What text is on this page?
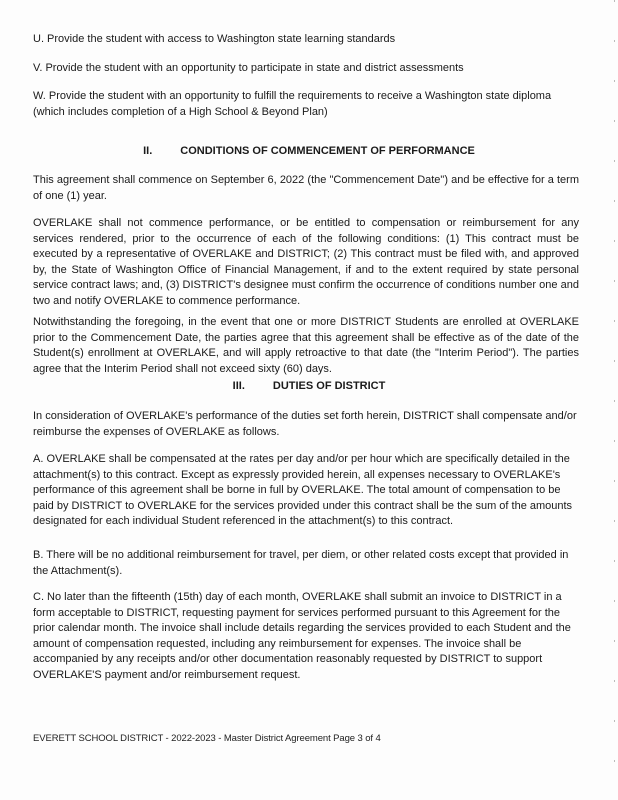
U. Provide the student with access to Washington state learning standards
V. Provide the student with an opportunity to participate in state and district assessments
W. Provide the student with an opportunity to fulfill the requirements to receive a Washington state diploma (which includes completion of a High School & Beyond Plan)
II.	CONDITIONS OF COMMENCEMENT OF PERFORMANCE
This agreement shall commence on September 6, 2022 (the "Commencement Date") and be effective for a term of one (1) year.
OVERLAKE shall not commence performance, or be entitled to compensation or reimbursement for any services rendered, prior to the occurrence of each of the following conditions: (1) This contract must be executed by a representative of OVERLAKE and DISTRICT; (2) This contract must be filed with, and approved by, the State of Washington Office of Financial Management, if and to the extent required by state personal service contract laws; and, (3) DISTRICT's designee must confirm the occurrence of conditions number one and two and notify OVERLAKE to commence performance.
Notwithstanding the foregoing, in the event that one or more DISTRICT Students are enrolled at OVERLAKE prior to the Commencement Date, the parties agree that this agreement shall be effective as of the date of the Student(s) enrollment at OVERLAKE, and will apply retroactive to that date (the "Interim Period"). The parties agree that the Interim Period shall not exceed sixty (60) days.
III.	DUTIES OF DISTRICT
In consideration of OVERLAKE's performance of the duties set forth herein, DISTRICT shall compensate and/or reimburse the expenses of OVERLAKE as follows.
A. OVERLAKE shall be compensated at the rates per day and/or per hour which are specifically detailed in the attachment(s) to this contract. Except as expressly provided herein, all expenses necessary to OVERLAKE's performance of this agreement shall be borne in full by OVERLAKE. The total amount of compensation to be paid by DISTRICT to OVERLAKE for the services provided under this contract shall be the sum of the amounts designated for each individual Student referenced in the attachment(s) to this contract.
B. There will be no additional reimbursement for travel, per diem, or other related costs except that provided in the Attachment(s).
C. No later than the fifteenth (15th) day of each month, OVERLAKE shall submit an invoice to DISTRICT in a form acceptable to DISTRICT, requesting payment for services performed pursuant to this Agreement for the prior calendar month. The invoice shall include details regarding the services provided to each Student and the amount of compensation requested, including any reimbursement for expenses. The invoice shall be accompanied by any receipts and/or other documentation reasonably requested by DISTRICT to support OVERLAKE'S payment and/or reimbursement request.
EVERETT SCHOOL DISTRICT - 2022-2023 - Master District Agreement Page 3 of 4
